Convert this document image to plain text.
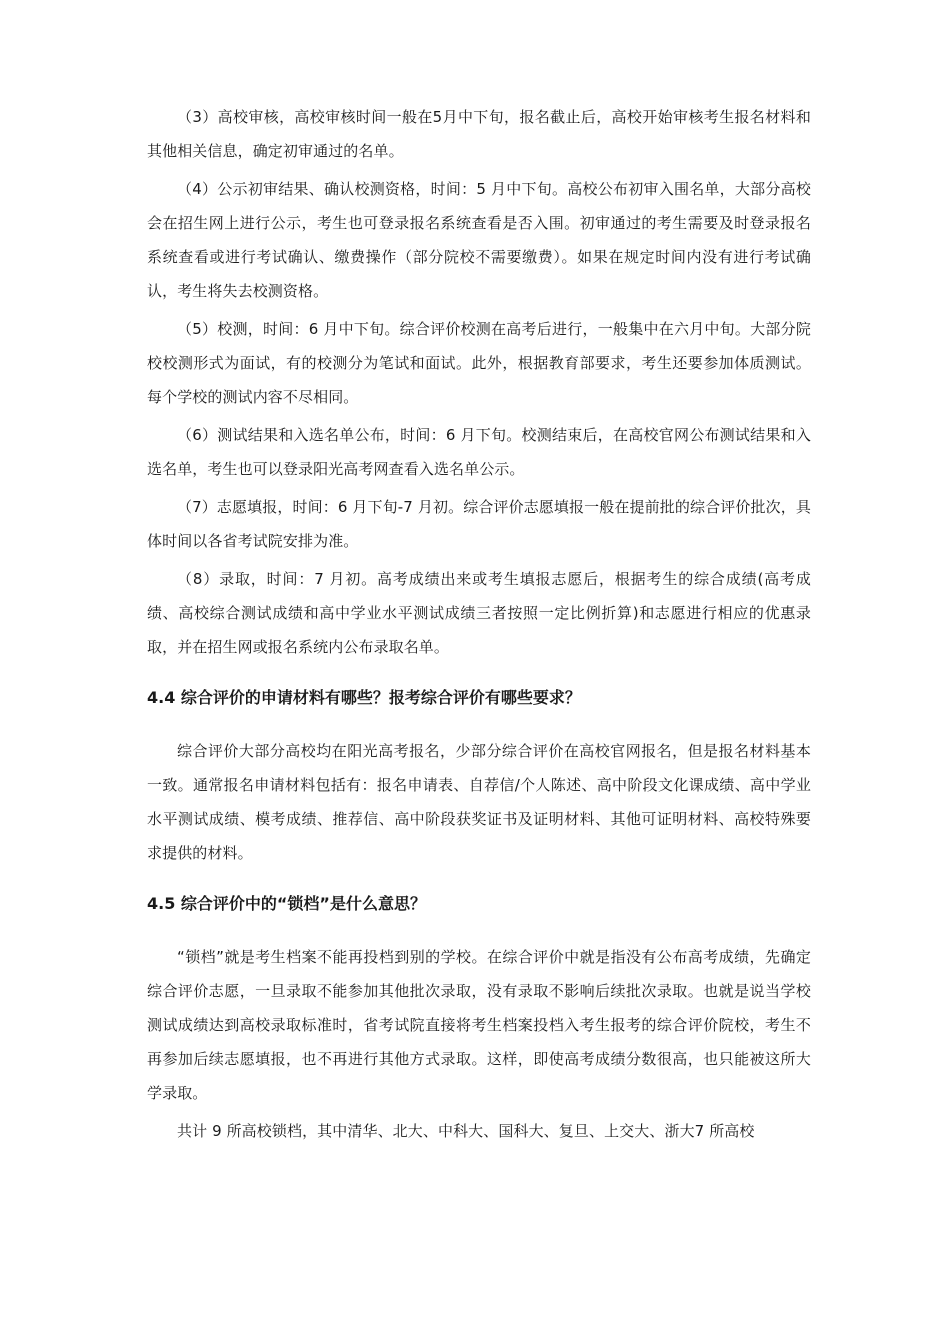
（3）高校审核，高校审核时间一般在5月中下旬，报名截止后，高校开始审核考生报名材料和其他相关信息，确定初审通过的名单。

（4）公示初审结果、确认校测资格，时间：5 月中下旬。高校公布初审入围名单，大部分高校会在招生网上进行公示，考生也可登录报名系统查看是否入围。初审通过的考生需要及时登录报名系统查看或进行考试确认、缴费操作（部分院校不需要缴费）。如果在规定时间内没有进行考试确认，考生将失去校测资格。

（5）校测，时间：6 月中下旬。综合评价校测在高考后进行，一般集中在六月中旬。大部分院校校测形式为面试，有的校测分为笔试和面试。此外，根据教育部要求，考生还要参加体质测试。每个学校的测试内容不尽相同。

（6）测试结果和入选名单公布，时间：6 月下旬。校测结束后，在高校官网公布测试结果和入选名单，考生也可以登录阳光高考网查看入选名单公示。

（7）志愿填报，时间：6 月下旬-7 月初。综合评价志愿填报一般在提前批的综合评价批次，具体时间以各省考试院安排为准。

（8）录取，时间：7 月初。高考成绩出来或考生填报志愿后，根据考生的综合成绩(高考成绩、高校综合测试成绩和高中学业水平测试成绩三者按照一定比例折算)和志愿进行相应的优惠录取，并在招生网或报名系统内公布录取名单。

4.4 综合评价的申请材料有哪些？报考综合评价有哪些要求？

综合评价大部分高校均在阳光高考报名，少部分综合评价在高校官网报名，但是报名材料基本一致。通常报名申请材料包括有：报名申请表、自荐信/个人陈述、高中阶段文化课成绩、高中学业水平测试成绩、模考成绩、推荐信、高中阶段获奖证书及证明材料、其他可证明材料、高校特殊要求提供的材料。

4.5 综合评价中的“锁档”是什么意思？

“锁档”就是考生档案不能再投档到别的学校。在综合评价中就是指没有公布高考成绩，先确定综合评价志愿，一旦录取不能参加其他批次录取，没有录取不影响后续批次录取。也就是说当学校测试成绩达到高校录取标准时，省考试院直接将考生档案投档入考生报考的综合评价院校，考生不再参加后续志愿填报，也不再进行其他方式录取。这样，即使高考成绩分数很高，也只能被这所大学录取。

共计 9 所高校锁档，其中清华、北大、中科大、国科大、复旦、上交大、浙大7 所高校
